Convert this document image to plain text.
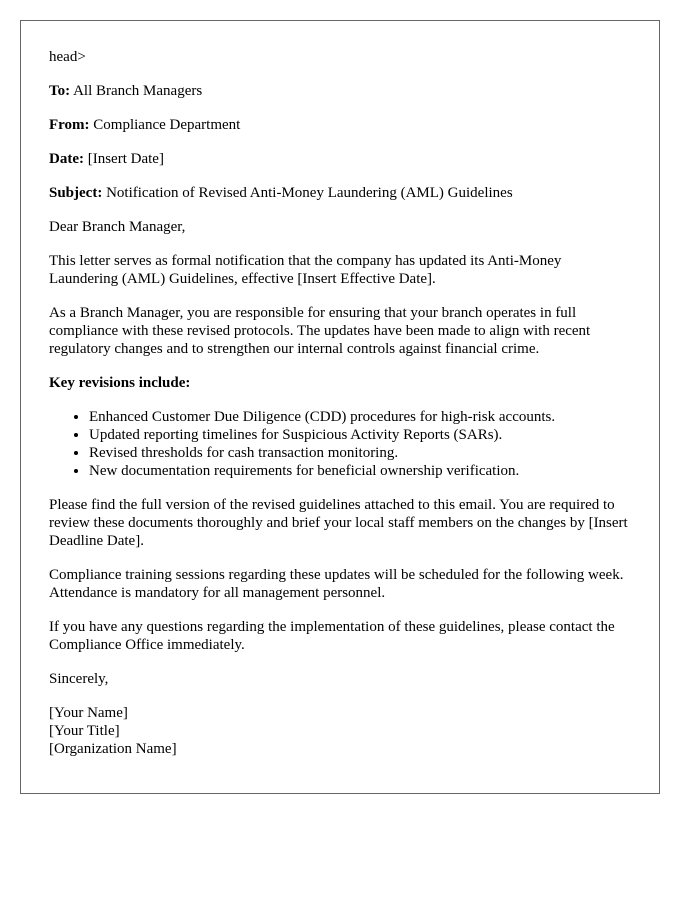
head>

To: All Branch Managers

From: Compliance Department

Date: [Insert Date]

Subject: Notification of Revised Anti-Money Laundering (AML) Guidelines

Dear Branch Manager,

This letter serves as formal notification that the company has updated its Anti-Money Laundering (AML) Guidelines, effective [Insert Effective Date].

As a Branch Manager, you are responsible for ensuring that your branch operates in full compliance with these revised protocols. The updates have been made to align with recent regulatory changes and to strengthen our internal controls against financial crime.

Key revisions include:

• Enhanced Customer Due Diligence (CDD) procedures for high-risk accounts.
• Updated reporting timelines for Suspicious Activity Reports (SARs).
• Revised thresholds for cash transaction monitoring.
• New documentation requirements for beneficial ownership verification.

Please find the full version of the revised guidelines attached to this email. You are required to review these documents thoroughly and brief your local staff members on the changes by [Insert Deadline Date].

Compliance training sessions regarding these updates will be scheduled for the following week. Attendance is mandatory for all management personnel.

If you have any questions regarding the implementation of these guidelines, please contact the Compliance Office immediately.

Sincerely,

[Your Name]

[Your Title]

[Organization Name]
